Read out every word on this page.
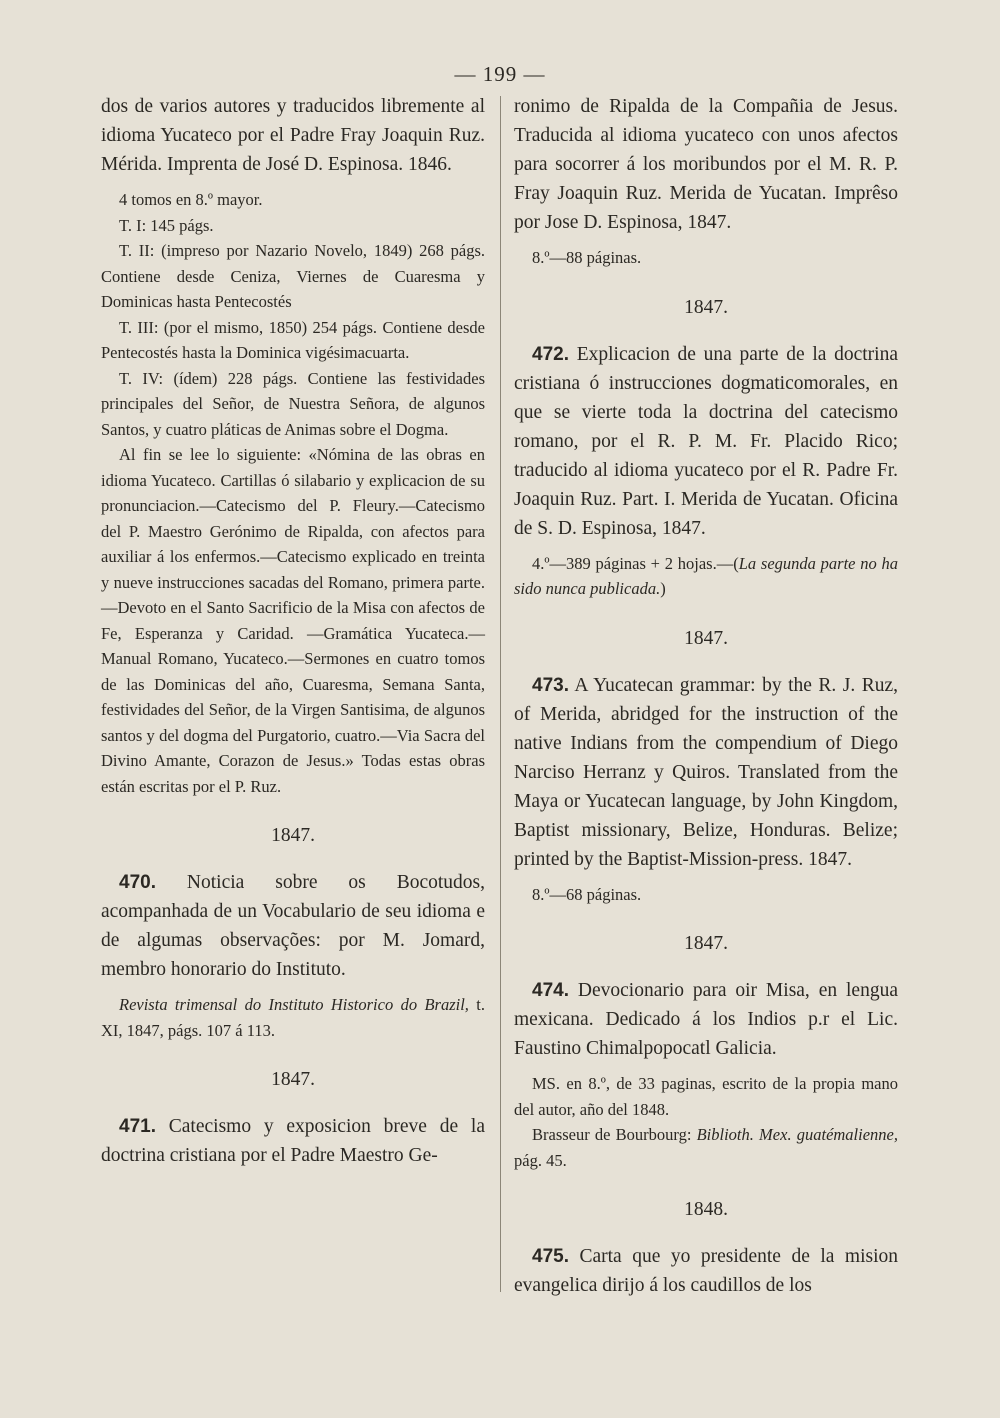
— 199 —

dos de varios autores y traducidos libremente al idioma Yucateco por el Padre Fray Joaquin Ruz. Mérida. Imprenta de José D. Espinosa. 1846.

4 tomos en 8.º mayor.

T. I: 145 págs.

T. II: (impreso por Nazario Novelo, 1849) 268 págs. Contiene desde Ceniza, Viernes de Cuaresma y Dominicas hasta Pentecostés

T. III: (por el mismo, 1850) 254 págs. Contiene desde Pentecostés hasta la Dominica vigésimacuarta.

T. IV: (ídem) 228 págs. Contiene las festividades principales del Señor, de Nuestra Señora, de algunos Santos, y cuatro pláticas de Animas sobre el Dogma.

Al fin se lee lo siguiente: «Nómina de las obras en idioma Yucateco. Cartillas ó silabario y explicacion de su pronunciacion.—Catecismo del P. Fleury.—Catecismo del P. Maestro Gerónimo de Ripalda, con afectos para auxiliar á los enfermos.—Catecismo explicado en treinta y nueve instrucciones sacadas del Romano, primera parte.—Devoto en el Santo Sacrificio de la Misa con afectos de Fe, Esperanza y Caridad. —Gramática Yucateca.—Manual Romano, Yucateco.—Sermones en cuatro tomos de las Dominicas del año, Cuaresma, Semana Santa, festividades del Señor, de la Virgen Santisima, de algunos santos y del dogma del Purgatorio, cuatro.—Via Sacra del Divino Amante, Corazon de Jesus.» Todas estas obras están escritas por el P. Ruz.

1847.

470. Noticia sobre os Bocotudos, acompanhada de un Vocabulario de seu idioma e de algumas observações: por M. Jomard, membro honorario do Instituto.

Revista trimensal do Instituto Historico do Brazil, t. XI, 1847, págs. 107 á 113.

1847.

471. Catecismo y exposicion breve de la doctrina cristiana por el Padre Maestro Ge-

ronimo de Ripalda de la Compañia de Jesus. Traducida al idioma yucateco con unos afectos para socorrer á los moribundos por el M. R. P. Fray Joaquin Ruz. Merida de Yucatan. Imprêso por Jose D. Espinosa, 1847.

8.º—88 páginas.

1847.

472. Explicacion de una parte de la doctrina cristiana ó instrucciones dogmaticomorales, en que se vierte toda la doctrina del catecismo romano, por el R. P. M. Fr. Placido Rico; traducido al idioma yucateco por el R. Padre Fr. Joaquin Ruz. Part. I. Merida de Yucatan. Oficina de S. D. Espinosa, 1847.

4.º—389 páginas + 2 hojas.—(La segunda parte no ha sido nunca publicada.)

1847.

473. A Yucatecan grammar: by the R. J. Ruz, of Merida, abridged for the instruction of the native Indians from the compendium of Diego Narciso Herranz y Quiros. Translated from the Maya or Yucatecan language, by John Kingdom, Baptist missionary, Belize, Honduras. Belize; printed by the Baptist-Mission-press. 1847.

8.º—68 páginas.

1847.

474. Devocionario para oir Misa, en lengua mexicana. Dedicado á los Indios p.r el Lic. Faustino Chimalpopocatl Galicia.

MS. en 8.º, de 33 paginas, escrito de la propia mano del autor, año del 1848.

Brasseur de Bourbourg: Biblioth. Mex. guatémalienne, pág. 45.

1848.

475. Carta que yo presidente de la mision evangelica dirijo á los caudillos de los
